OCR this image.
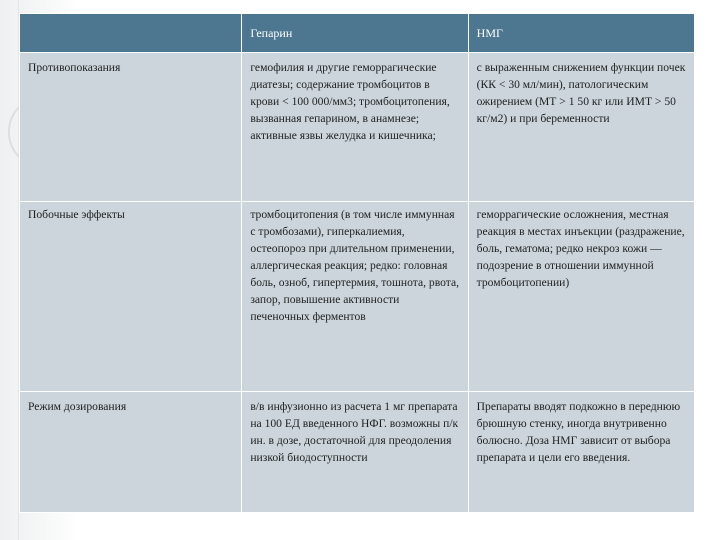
	Гепарин	НМГ

Противопоказания	гемофилия и другие геморрагические диатезы; содержание тромбоцитов в крови < 100 000/мм3; тромбоцитопения, вызванная гепарином, в анамнезе; активные язвы желудка и кишечника;	с выраженным снижением функции почек (КК < 30 мл/мин), патологическим ожирением (МТ > 1 50 кг или ИМТ > 50 кг/м2) и при беременности

Побочные эффекты	тромбоцитопения (в том числе иммунная с тромбозами), гиперкалиемия, остеопороз при длительном применении, аллергическая реакция; редко: головная боль, озноб, гипертермия, тошнота, рвота, запор, повышение активности печеночных ферментов	геморрагические осложнения, местная реакция в местах инъекции (раздражение, боль, гематома; редко некроз кожи — подозрение в отношении иммунной тромбоцитопении)

Режим дозирования	в/в инфузионно из расчета 1 мг препарата на 100 ЕД введенного НФГ. возможны п/к ин. в дозе, достаточной для преодоления низкой биодоступности	Препараты вводят подкожно в переднюю брюшную стенку, иногда внутривенно болюсно. Доза НМГ зависит от выбора препарата и цели его введения.
